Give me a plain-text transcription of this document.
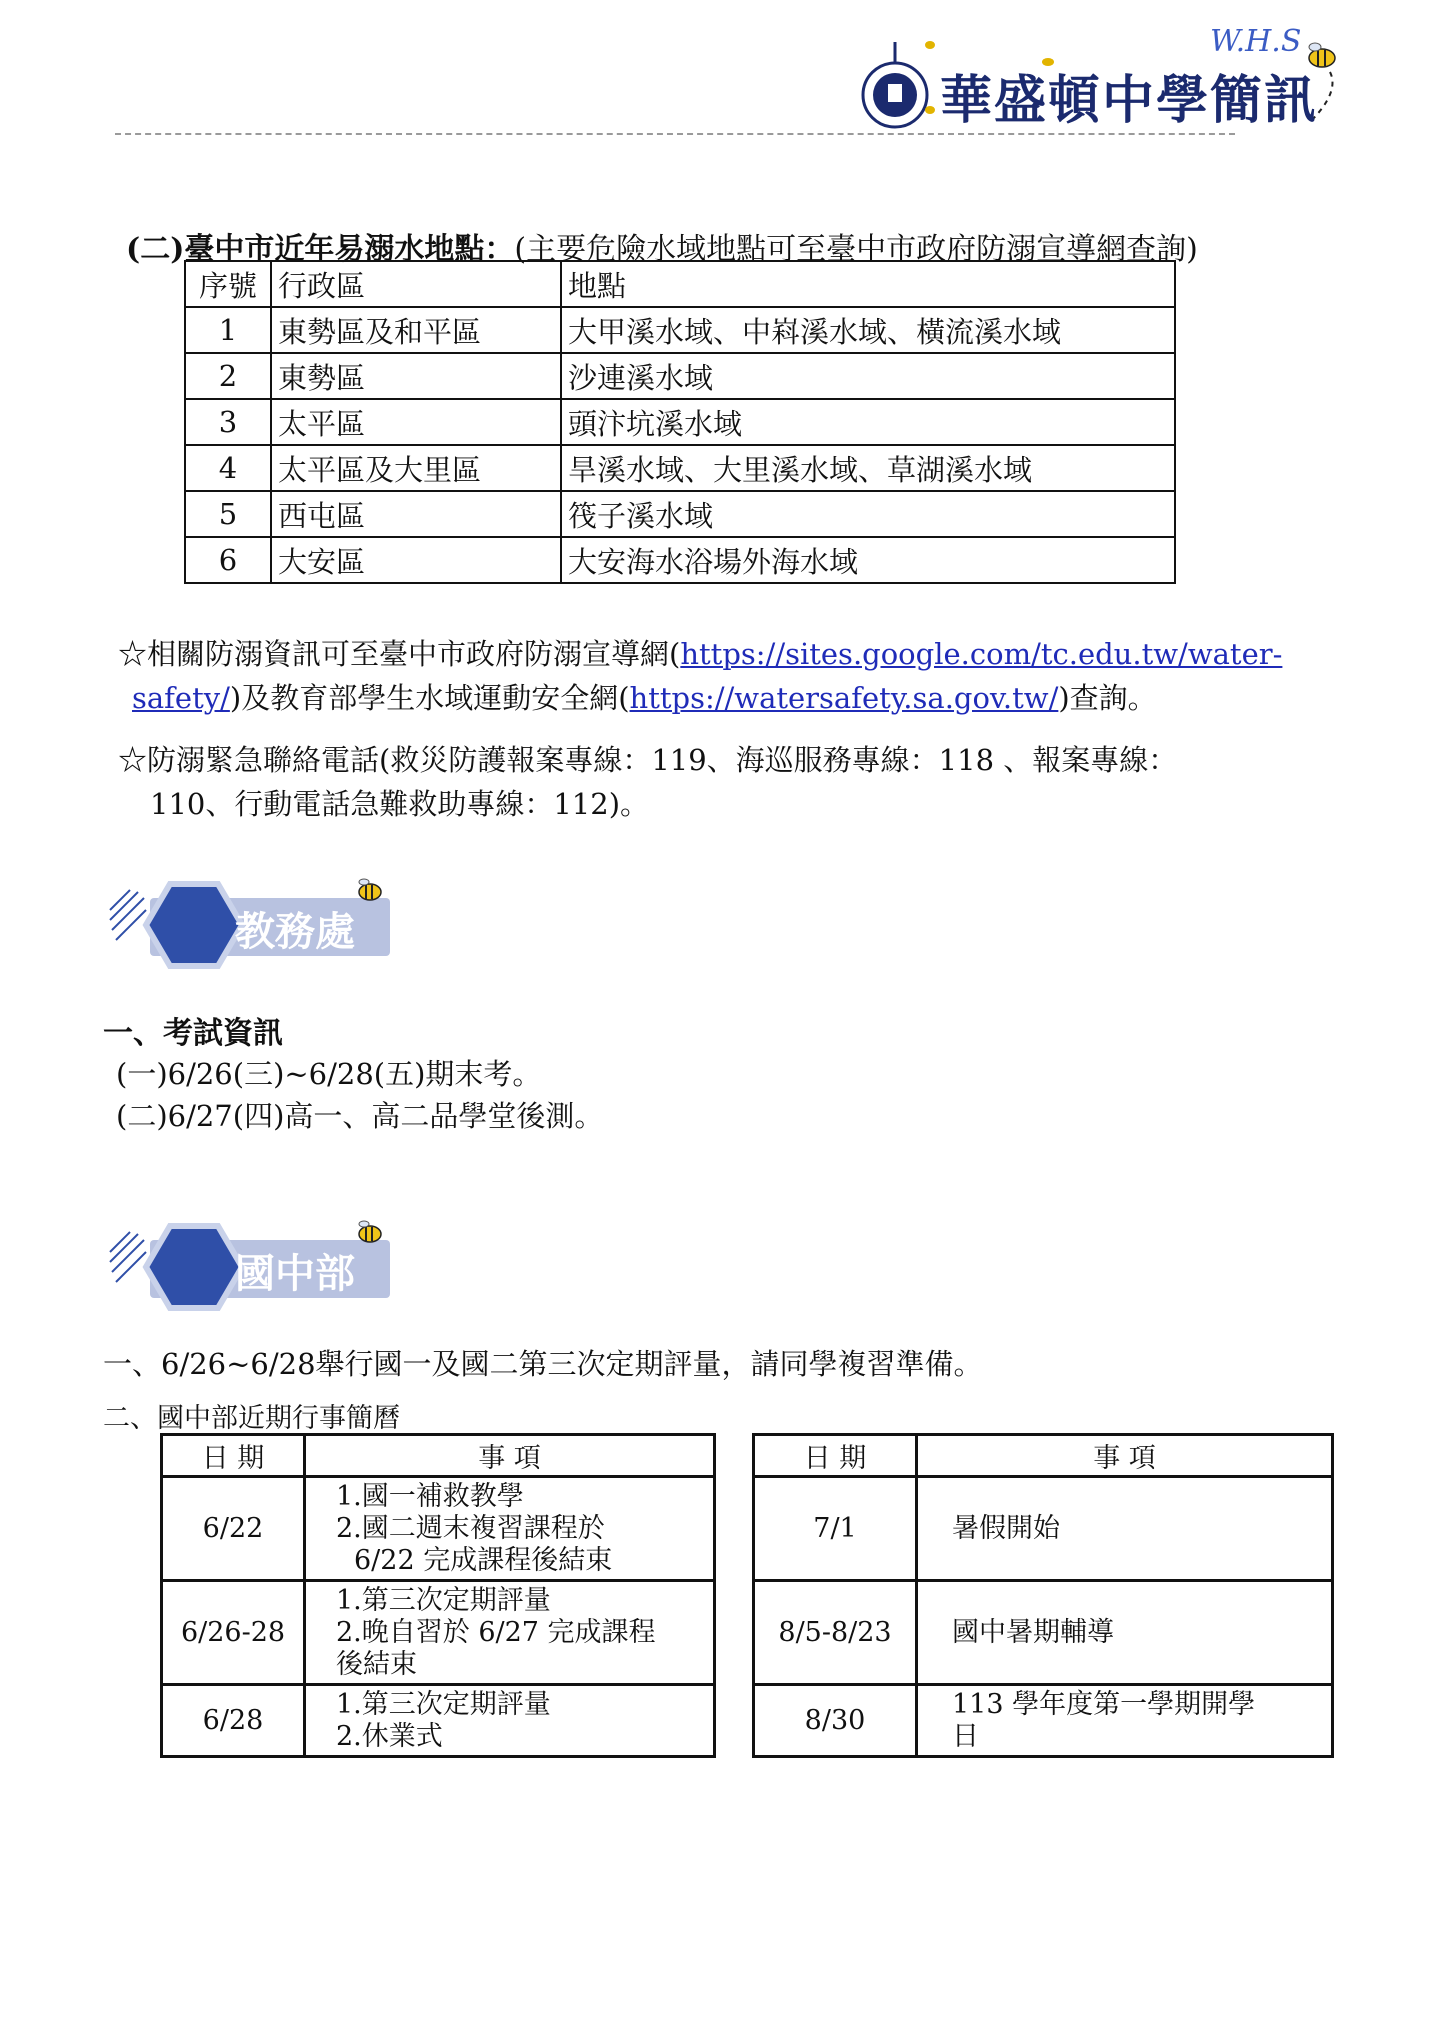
W.H.S
華盛頓中學簡訊
(二)臺中市近年易溺水地點：(主要危險水域地點可至臺中市政府防溺宣導網查詢)
序號	行政區	地點
1	東勢區及和平區	大甲溪水域、中嵙溪水域、橫流溪水域
2	東勢區	沙連溪水域
3	太平區	頭汴坑溪水域
4	太平區及大里區	旱溪水域、大里溪水域、草湖溪水域
5	西屯區	筏子溪水域
6	大安區	大安海水浴場外海水域
☆相關防溺資訊可至臺中市政府防溺宣導網(https://sites.google.com/tc.edu.tw/water-
safety/)及教育部學生水域運動安全網(https://watersafety.sa.gov.tw/)查詢。
☆防溺緊急聯絡電話(救災防護報案專線：119、海巡服務專線：118 、報案專線：
110、行動電話急難救助專線：112)。
教務處
一、考試資訊
(一)6/26(三)~6/28(五)期末考。
(二)6/27(四)高一、高二品學堂後測。
國中部
一、6/26~6/28舉行國一及國二第三次定期評量，請同學複習準備。
二、國中部近期行事簡曆
日 期	事 項
6/22	1.國一補救教學
2.國二週末複習課程於
6/22 完成課程後結束

6/26-28	1.第三次定期評量
2.晚自習於 6/27 完成課程
後結束

6/28	1.第三次定期評量
2.休業式
日 期	事 項
7/1	暑假開始

8/5-8/23	國中暑期輔導

8/30	113 學年度第一學期開學
日
